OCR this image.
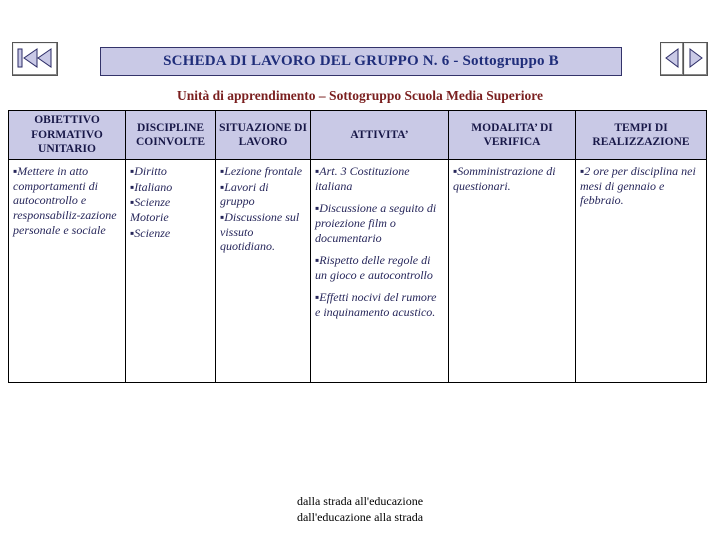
SCHEDA DI LAVORO DEL GRUPPO N. 6 - Sottogruppo B
Unità di apprendimento – Sottogruppo Scuola Media Superiore
OBIETTIVO FORMATIVO UNITARIO	DISCIPLINE COINVOLTE	SITUAZIONE DI LAVORO	ATTIVITA’	MODALITA’ DI VERIFICA	TEMPI DI REALIZZAZIONE

▪Mettere in atto comportamenti di autocontrollo e responsabiliz-zazione personale e sociale

▪Diritto
▪Italiano
▪Scienze Motorie
▪Scienze

▪Lezione frontale
▪Lavori di gruppo
▪Discussione sul vissuto quotidiano.

▪Art. 3 Costituzione italiana
▪Discussione a seguito di proiezione film o documentario
▪Rispetto delle regole di un gioco e autocontrollo
▪Effetti nocivi del rumore e inquinamento acustico.

▪Somministrazione di questionari.

▪2 ore per disciplina nei mesi di gennaio e febbraio.
dalla strada all'educazione
dall'educazione alla strada
